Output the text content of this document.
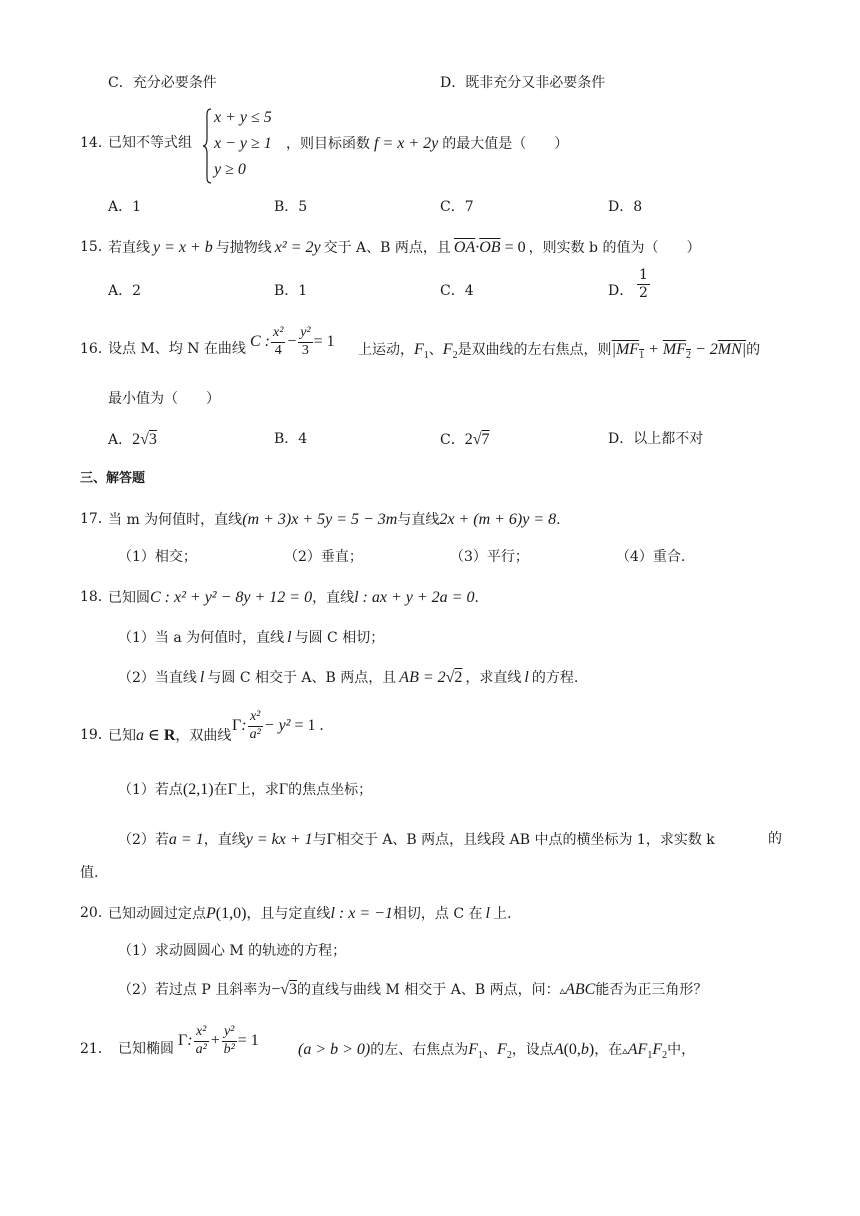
C．充分必要条件	D．既非充分又非必要条件
14．
已知不等式组
x + y ≤ 5
x − y ≥ 1
y ≥ 0
，则目标函数 f = x + 2y 的最大值是（　　）
A．1	B．5	C．7	D．8
15．
若直线 y = x + b 与抛物线 x² = 2y 交于 A、B 两点，且 $\overline{OA}\cdot\overline{OB} = 0$ ，则实数 b 的值为（　　）
A．2	B．1	C．4	D． $\frac{1}{2}$
16．
设点 M、均 N 在曲线 C : $\frac{\text{x²}}{4} - \frac{\text{y²}}{3} = 1$
上运动，$F_1$、$F_2$是双曲线的左右焦点，则$|MF_1 + MF_2 - 2MN|$的
最小值为（　　）
A．2√3	B．4	C．2√7	D．以上都不对
三、解答题
17．
当 m 为何值时，直线(m + 3)x + 5y = 5 − 3m与直线2x + (m + 6)y = 8.
（1）相交；	（2）垂直；	（3）平行；	（4）重合.
18．
已知圆C : x² + y² − 8y + 12 = 0，直线l : ax + y + 2a = 0.
（1）当 a 为何值时，直线 l 与圆 C 相切；
（2）当直线 l 与圆 C 相交于 A、B 两点，且 AB = 2√2 ，求直线 l 的方程.
19．
已知a ∈ R，双曲线
Γ: $\frac{\text{x²}}{\text{a²}} - y^2 = 1$ .
（1）若点(2,1)在Γ上，求Γ的焦点坐标；
（2）若a = 1，直线y = kx + 1与Γ相交于 A、B 两点，且线段 AB 中点的横坐标为 1，求实数 k	的
值.
20．
已知动圆过定点P(1,0)，且与定直线l : x = −1相切，点 C 在 l 上.
（1）求动圆圆心 M 的轨迹的方程；
（2）若过点 P 且斜率为−√3的直线与曲线 M 相交于 A、B 两点，问：▵ABC能否为正三角形？
21． 已知椭圆
Γ: $\frac{\text{x²}}{\text{a²}} + \frac{\text{y²}}{\text{b²}} = 1$
(a > b > 0)的左、右焦点为$F_1$、$F_2$，设点A(0,b)，在$▵AF_1F_2$中，
